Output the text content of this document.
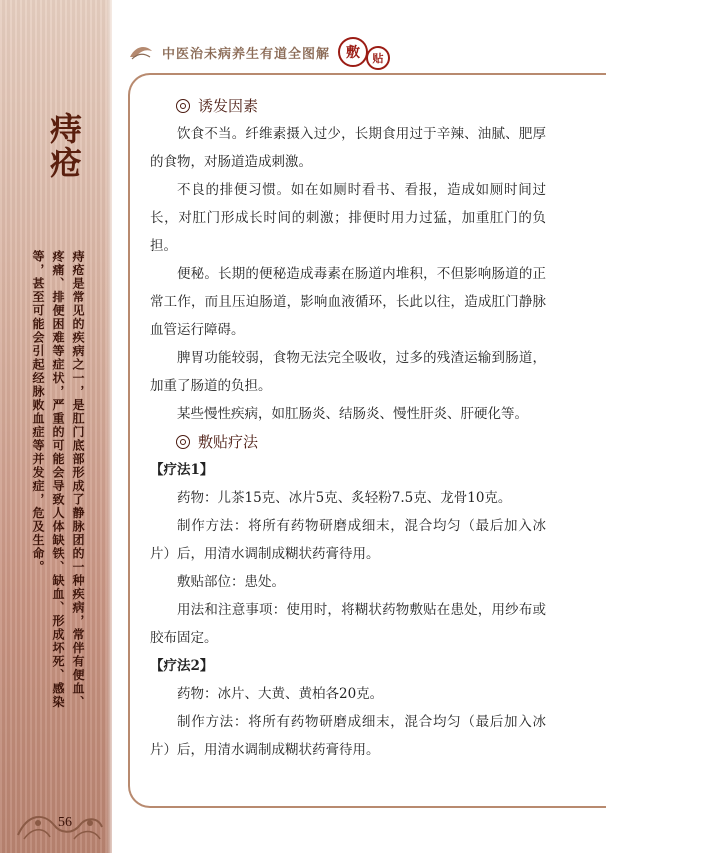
痔疮
痔疮是常见的疾病之一，是肛门底部形成了静脉团的一种疾病，常伴有便血、疼痛、排便困难等症状，严重的可能会导致人体缺铁、缺血、形成坏死、感染等，甚至可能会引起经脉败血症等并发症，危及生命。
56
中医治未病养生有道全图解	敷	贴
诱发因素

饮食不当。纤维素摄入过少，长期食用过于辛辣、油腻、肥厚的食物，对肠道造成刺激。

不良的排便习惯。如在如厕时看书、看报，造成如厕时间过长，对肛门形成长时间的刺激；排便时用力过猛，加重肛门的负担。

便秘。长期的便秘造成毒素在肠道内堆积，不但影响肠道的正常工作，而且压迫肠道，影响血液循环，长此以往，造成肛门静脉血管运行障碍。

脾胃功能较弱，食物无法完全吸收，过多的残渣运输到肠道，加重了肠道的负担。

某些慢性疾病，如肛肠炎、结肠炎、慢性肝炎、肝硬化等。

敷贴疗法

【疗法1】

药物：儿茶15克、冰片5克、炙轻粉7.5克、龙骨10克。

制作方法：将所有药物研磨成细末，混合均匀（最后加入冰片）后，用清水调制成糊状药膏待用。

敷贴部位：患处。

用法和注意事项：使用时，将糊状药物敷贴在患处，用纱布或胶布固定。

【疗法2】

药物：冰片、大黄、黄柏各20克。

制作方法：将所有药物研磨成细末，混合均匀（最后加入冰片）后，用清水调制成糊状药膏待用。
